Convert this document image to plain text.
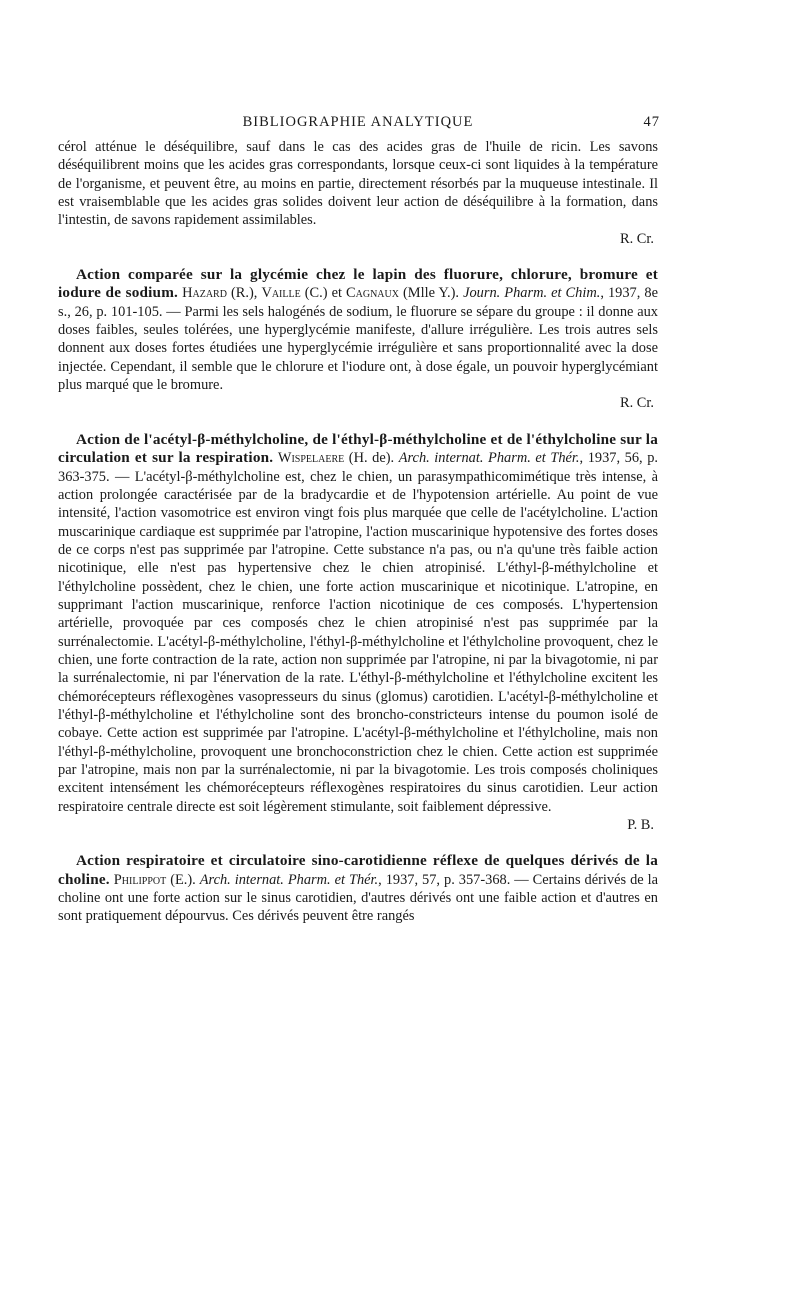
BIBLIOGRAPHIE ANALYTIQUE	47

cérol atténue le déséquilibre, sauf dans le cas des acides gras de l'huile de ricin. Les savons déséquilibrent moins que les acides gras correspondants, lorsque ceux-ci sont liquides à la température de l'organisme, et peuvent être, au moins en partie, directement résorbés par la muqueuse intestinale. Il est vraisemblable que les acides gras solides doivent leur action de déséquilibre à la formation, dans l'intestin, de savons rapidement assimilables.

R. Cr.

Action comparée sur la glycémie chez le lapin des fluorure, chlorure, bromure et iodure de sodium. Hazard (R.), Vaille (C.) et Cagnaux (Mlle Y.). Journ. Pharm. et Chim., 1937, 8e s., 26, p. 101-105. — Parmi les sels halogénés de sodium, le fluorure se sépare du groupe : il donne aux doses faibles, seules tolérées, une hyperglycémie manifeste, d'allure irrégulière. Les trois autres sels donnent aux doses fortes étudiées une hyperglycémie irrégulière et sans proportionnalité avec la dose injectée. Cependant, il semble que le chlorure et l'iodure ont, à dose égale, un pouvoir hyperglycémiant plus marqué que le bromure.

R. Cr.

Action de l'acétyl-β-méthylcholine, de l'éthyl-β-méthylcholine et de l'éthylcholine sur la circulation et sur la respiration. Wispelaere (H. de). Arch. internat. Pharm. et Thér., 1937, 56, p. 363-375. — L'acétyl-β-méthylcholine est, chez le chien, un parasympathicomimétique très intense, à action prolongée caractérisée par de la bradycardie et de l'hypotension artérielle. Au point de vue intensité, l'action vasomotrice est environ vingt fois plus marquée que celle de l'acétylcholine. L'action muscarinique cardiaque est supprimée par l'atropine, l'action muscarinique hypotensive des fortes doses de ce corps n'est pas supprimée par l'atropine. Cette substance n'a pas, ou n'a qu'une très faible action nicotinique, elle n'est pas hypertensive chez le chien atropinisé. L'éthyl-β-méthylcholine et l'éthylcholine possèdent, chez le chien, une forte action muscarinique et nicotinique. L'atropine, en supprimant l'action muscarinique, renforce l'action nicotinique de ces composés. L'hypertension artérielle, provoquée par ces composés chez le chien atropinisé n'est pas supprimée par la surrénalectomie. L'acétyl-β-méthylcholine, l'éthyl-β-méthylcholine et l'éthylcholine provoquent, chez le chien, une forte contraction de la rate, action non supprimée par l'atropine, ni par la bivagotomie, ni par la surrénalectomie, ni par l'énervation de la rate. L'éthyl-β-méthylcholine et l'éthylcholine excitent les chémorécepteurs réflexogènes vasopresseurs du sinus (glomus) carotidien. L'acétyl-β-méthylcholine et l'éthyl-β-méthylcholine et l'éthylcholine sont des broncho-constricteurs intense du poumon isolé de cobaye. Cette action est supprimée par l'atropine. L'acétyl-β-méthylcholine et l'éthylcholine, mais non l'éthyl-β-méthylcholine, provoquent une bronchoconstriction chez le chien. Cette action est supprimée par l'atropine, mais non par la surrénalectomie, ni par la bivagotomie. Les trois composés choliniques excitent intensément les chémorécepteurs réflexogènes respiratoires du sinus carotidien. Leur action respiratoire centrale directe est soit légèrement stimulante, soit faiblement dépressive.

P. B.

Action respiratoire et circulatoire sino-carotidienne réflexe de quelques dérivés de la choline. Philippot (E.). Arch. internat. Pharm. et Thér., 1937, 57, p. 357-368. — Certains dérivés de la choline ont une forte action sur le sinus carotidien, d'autres dérivés ont une faible action et d'autres en sont pratiquement dépourvus. Ces dérivés peuvent être rangés
